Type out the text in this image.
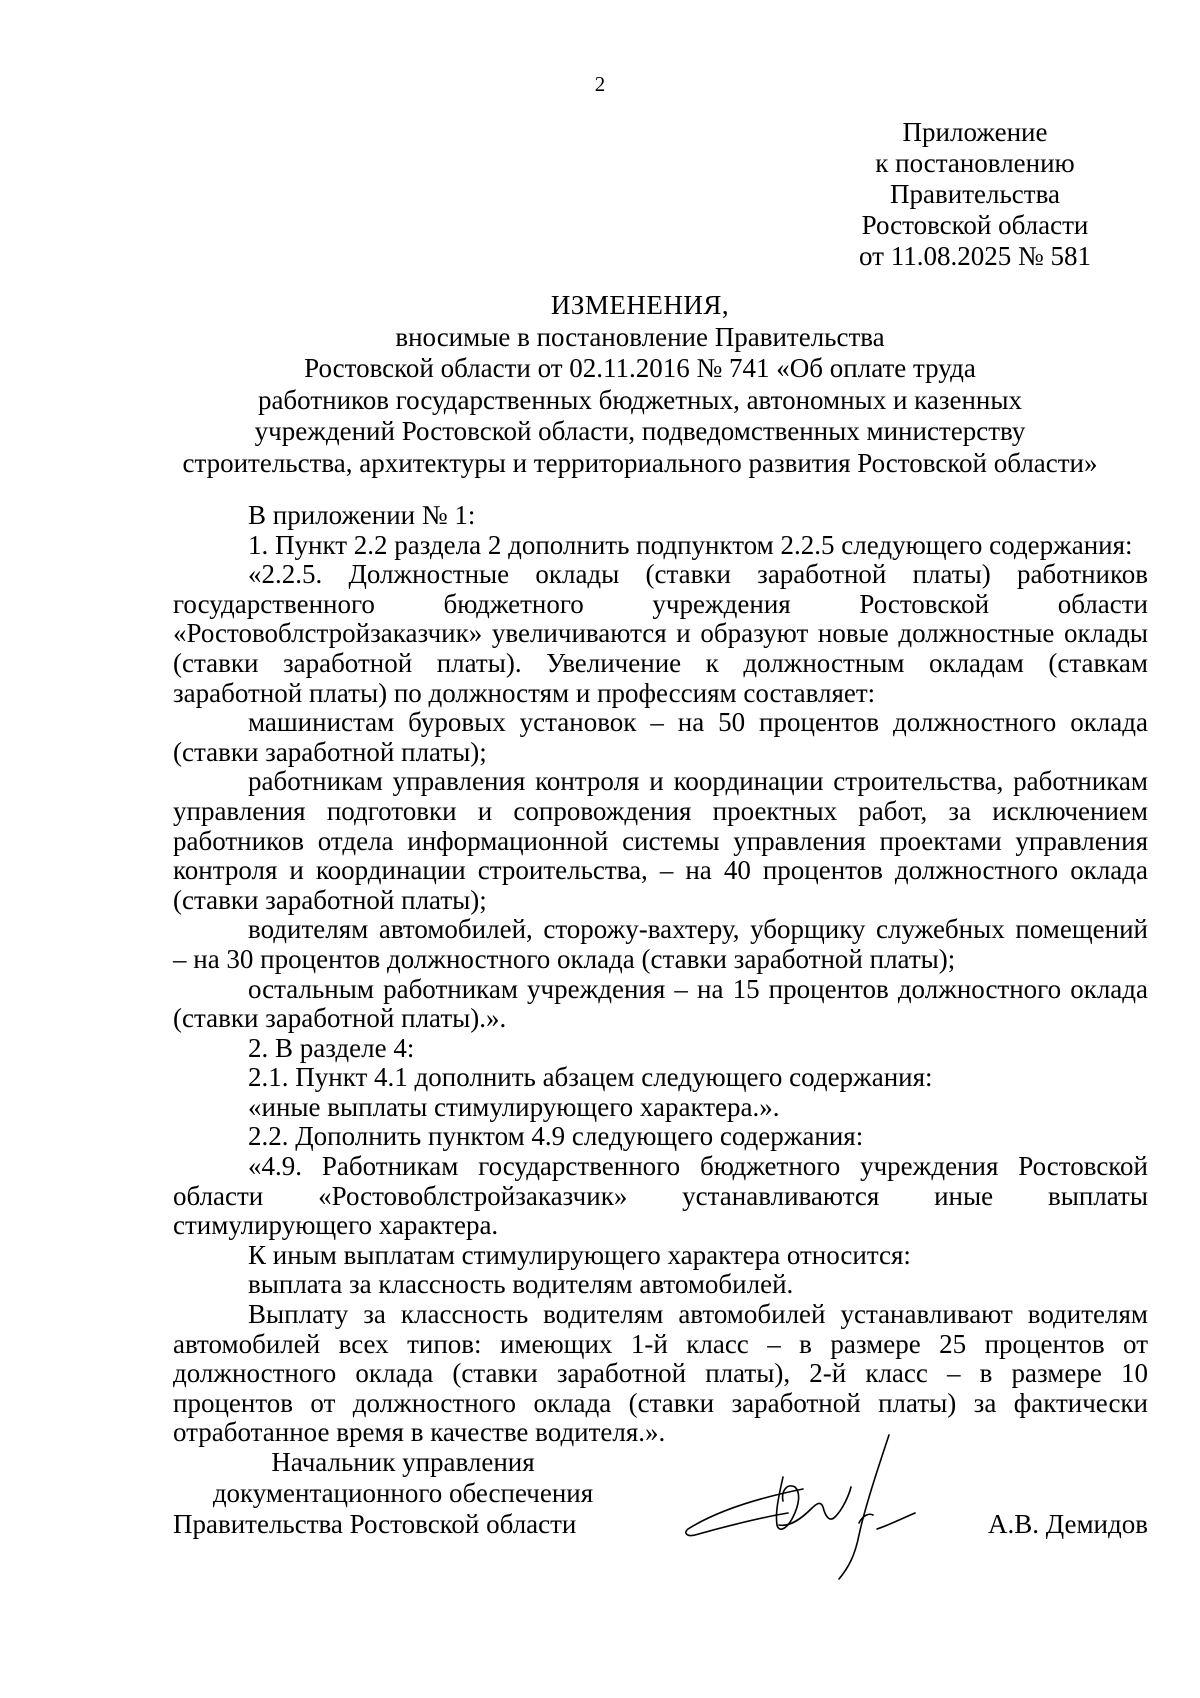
2
Приложение
к постановлению
Правительства
Ростовской области
от 11.08.2025 № 581
ИЗМЕНЕНИЯ,
вносимые в постановление Правительства
Ростовской области от 02.11.2016 № 741 «Об оплате труда
работников государственных бюджетных, автономных и казенных
учреждений Ростовской области, подведомственных министерству
строительства, архитектуры и территориального развития Ростовской области»

В приложении № 1:

1. Пункт 2.2 раздела 2 дополнить подпунктом 2.2.5 следующего содержания:

«2.2.5. Должностные оклады (ставки заработной платы) работников государственного бюджетного учреждения Ростовской области «Ростовоблстройзаказчик» увеличиваются и образуют новые должностные оклады (ставки заработной платы). Увеличение к должностным окладам (ставкам заработной платы) по должностям и профессиям составляет:

машинистам буровых установок – на 50 процентов должностного оклада (ставки заработной платы);

работникам управления контроля и координации строительства, работникам управления подготовки и сопровождения проектных работ, за исключением работников отдела информационной системы управления проектами управления контроля и координации строительства, – на 40 процентов должностного оклада (ставки заработной платы);

водителям автомобилей, сторожу-вахтеру, уборщику служебных помещений – на 30 процентов должностного оклада (ставки заработной платы);

остальным работникам учреждения – на 15 процентов должностного оклада (ставки заработной платы).».

2. В разделе 4:

2.1. Пункт 4.1 дополнить абзацем следующего содержания:

«иные выплаты стимулирующего характера.».

2.2. Дополнить пунктом 4.9 следующего содержания:

«4.9. Работникам государственного бюджетного учреждения Ростовской области «Ростовоблстройзаказчик» устанавливаются иные выплаты стимулирующего характера.

К иным выплатам стимулирующего характера относится:

выплата за классность водителям автомобилей.

Выплату за классность водителям автомобилей устанавливают водителям автомобилей всех типов: имеющих 1-й класс – в размере 25 процентов от должностного оклада (ставки заработной платы), 2-й класс – в размере 10 процентов от должностного оклада (ставки заработной платы) за фактически отработанное время в качестве водителя.».

Начальник управления
документационного обеспечения
Правительства Ростовской области	А.В. Демидов
